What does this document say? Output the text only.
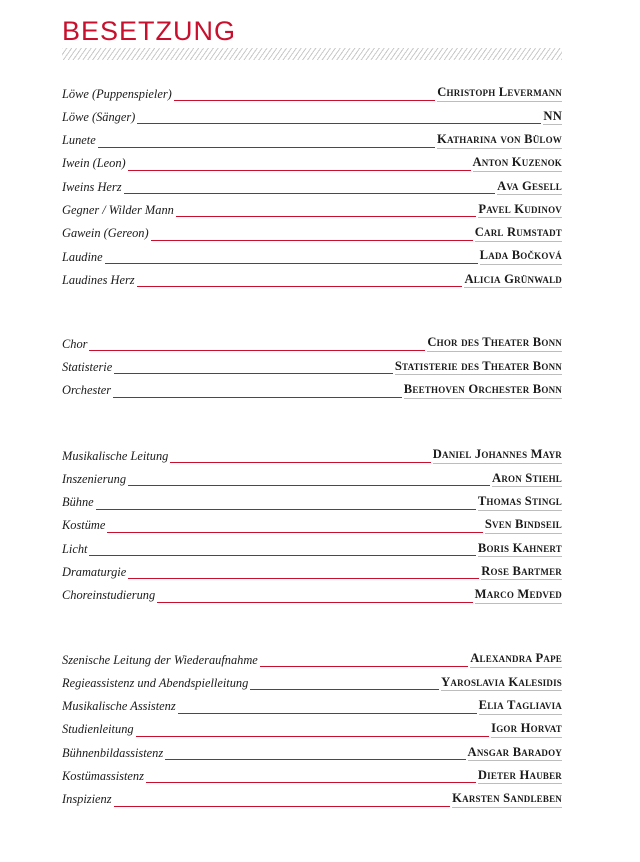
BESETZUNG
Löwe (Puppenspieler)	Christoph Levermann
Löwe (Sänger)	NN
Lunete	Katharina von Bülow
Iwein (Leon)	Anton Kuzenok
Iweins Herz	Ava Gesell
Gegner / Wilder Mann	Pavel Kudinov
Gawein (Gereon)	Carl Rumstadt
Laudine	Lada Bočková
Laudines Herz	Alicia Grünwald
Chor	Chor des Theater Bonn
Statisterie	Statisterie des Theater Bonn
Orchester	Beethoven Orchester Bonn
Musikalische Leitung	Daniel Johannes Mayr
Inszenierung	Aron Stiehl
Bühne	Thomas Stingl
Kostüme	Sven Bindseil
Licht	Boris Kahnert
Dramaturgie	Rose Bartmer
Choreinstudierung	Marco Medved
Szenische Leitung der Wiederaufnahme	Alexandra Pape
Regieassistenz und Abendspielleitung	Yaroslavia Kalesidis
Musikalische Assistenz	Elia Tagliavia
Studienleitung	Igor Horvat
Bühnenbildassistenz	Ansgar Baradoy
Kostümassistenz	Dieter Hauber
Inspizienz	Karsten Sandleben
